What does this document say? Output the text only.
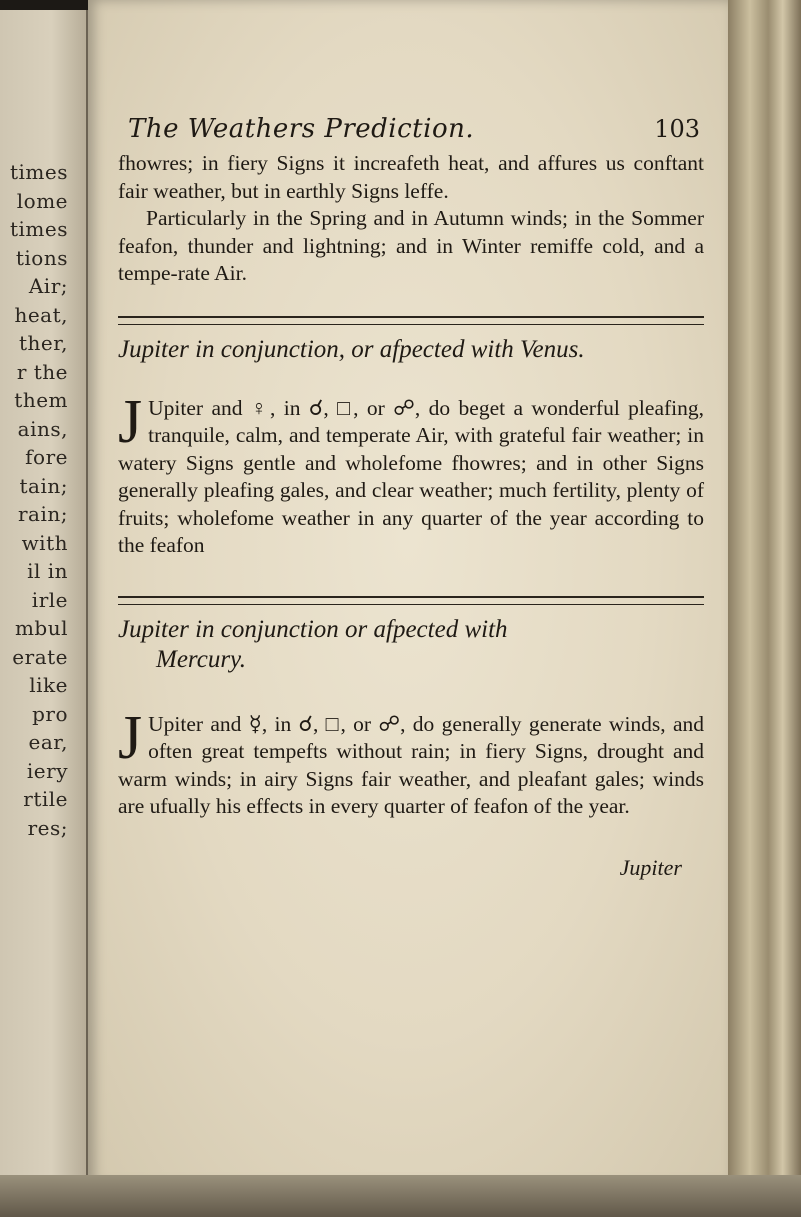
times
lome
times
tions
Air;
heat,
ther,
r the
them
ains,
fore
tain;
rain;
with
il in
irle
mbul
erate
like
pro
ear,
iery
rtile
res;
The Weathers Prediction.	103

fhowres; in fiery Signs it increafeth heat, and affures us conftant fair weather, but in earthly Signs leffe.

Particularly in the Spring and in Autumn winds; in the Sommer feafon, thunder and lightning; and in Winter remiffe cold, and a tempe-rate Air.

Jupiter in conjunction, or afpected with Venus.

J Upiter and ♀, in ☌, □, or ☍, do beget a wonderful pleafing, tranquile, calm, and temperate Air, with grateful fair weather; in watery Signs gentle and wholefome fhowres; and in other Signs generally pleafing gales, and clear weather; much fertility, plenty of fruits; wholefome weather in any quarter of the year according to the feafon

Jupiter in conjunction or afpected with
Mercury.

J Upiter and ☿, in ☌, □, or ☍, do generally generate winds, and often great tempefts without rain; in fiery Signs, drought and warm winds; in airy Signs fair weather, and pleafant gales; winds are ufually his effects in every quarter of feafon of the year.

Jupiter
